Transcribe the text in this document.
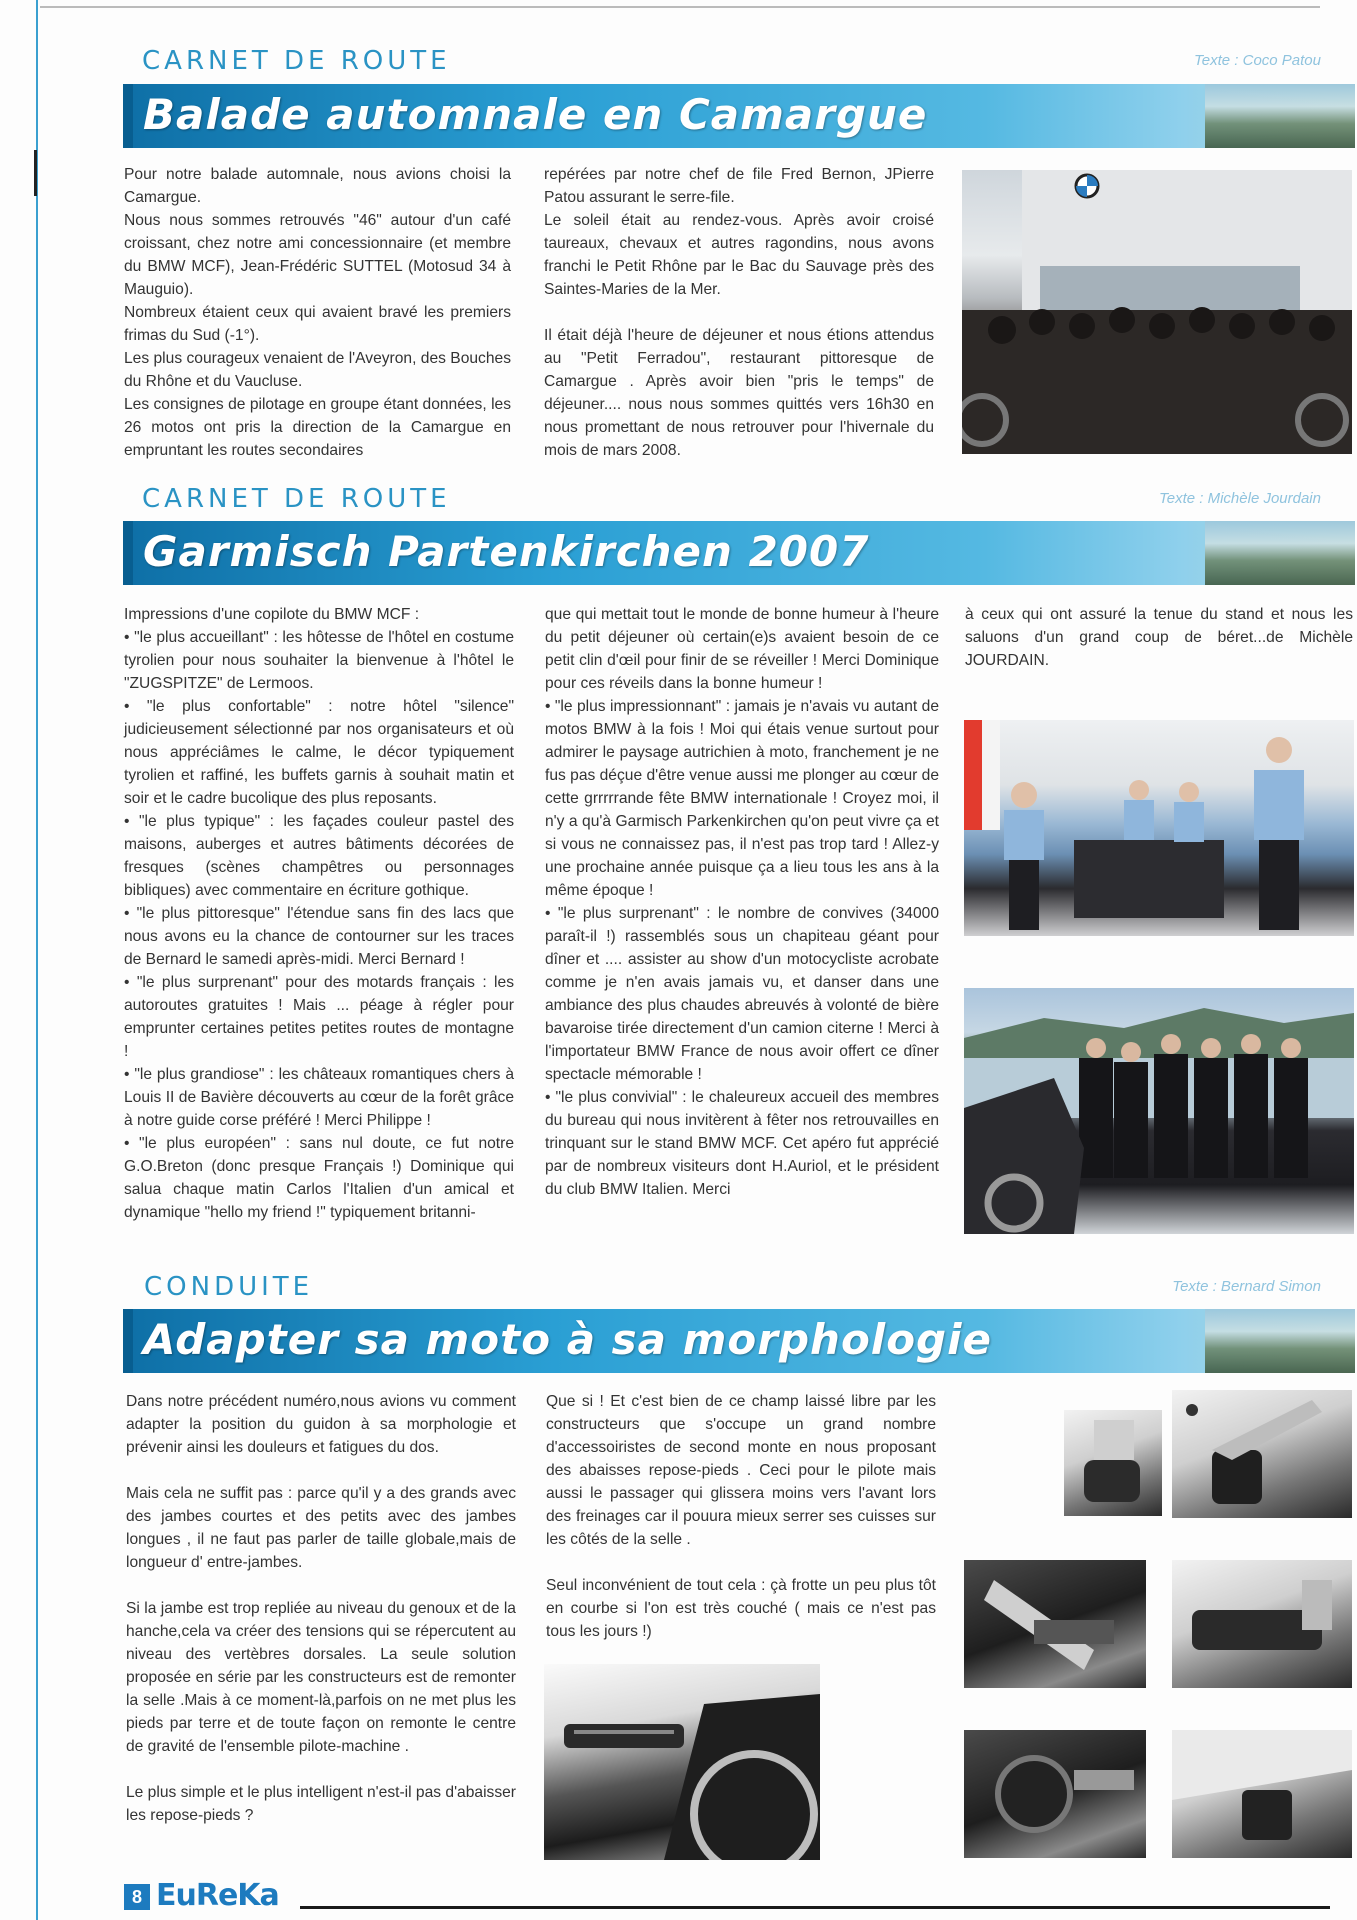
CARNET DE ROUTE	Texte : Coco Patou
Balade automnale en Camargue

Pour notre balade automnale, nous avions choisi la Camargue.

Nous nous sommes retrouvés "46" autour d'un café croissant, chez notre ami concessionnaire (et membre du BMW MCF), Jean-Frédéric SUTTEL (Motosud 34 à Mauguio).

Nombreux étaient ceux qui avaient bravé les premiers frimas du Sud (-1°).

Les plus courageux venaient de l'Aveyron, des Bouches du Rhône et du Vaucluse.

Les consignes de pilotage en groupe étant données, les 26 motos ont pris la direction de la Camargue en empruntant les routes secondaires

repérées par notre chef de file Fred Bernon, JPierre Patou assurant le serre-file.

Le soleil était au rendez-vous. Après avoir croisé taureaux, chevaux et autres ragondins, nous avons franchi le Petit Rhône par le Bac du Sauvage près des Saintes-Maries de la Mer.

Il était déjà l'heure de déjeuner et nous étions attendus au "Petit Ferradou", restaurant pittoresque de Camargue . Après avoir bien "pris le temps" de déjeuner.... nous nous sommes quittés vers 16h30 en nous promettant de nous retrouver pour l'hivernale du mois de mars 2008.

CARNET DE ROUTE	Texte : Michèle Jourdain
Garmisch Partenkirchen 2007

Impressions d'une copilote du BMW MCF :

• "le plus accueillant" : les hôtesse de l'hôtel en costume tyrolien pour nous souhaiter la bienvenue à l'hôtel le "ZUGSPITZE" de Lermoos.

• "le plus confortable" : notre hôtel "silence" judicieusement sélectionné par nos organisateurs et où nous appréciâmes le calme, le décor typiquement tyrolien et raffiné, les buffets garnis à souhait matin et soir et le cadre bucolique des plus reposants.

• "le plus typique" : les façades couleur pastel des maisons, auberges et autres bâtiments décorées de fresques (scènes champêtres ou personnages bibliques) avec commentaire en écriture gothique.

• "le plus pittoresque" l'étendue sans fin des lacs que nous avons eu la chance de contourner sur les traces de Bernard le samedi après-midi. Merci Bernard !

• "le plus surprenant" pour des motards français : les autoroutes gratuites ! Mais ... péage à régler pour emprunter certaines petites petites routes de montagne !

• "le plus grandiose" : les châteaux romantiques chers à Louis II de Bavière découverts au cœur de la forêt grâce à notre guide corse préféré ! Merci Philippe !

• "le plus européen" : sans nul doute, ce fut notre G.O.Breton (donc presque Français !) Dominique qui salua chaque matin Carlos l'Italien d'un amical et dynamique "hello my friend !" typiquement britanni-

que qui mettait tout le monde de bonne humeur à l'heure du petit déjeuner où certain(e)s avaient besoin de ce petit clin d'œil pour finir de se réveiller ! Merci Dominique pour ces réveils dans la bonne humeur !

• "le plus impressionnant" : jamais je n'avais vu autant de motos BMW à la fois ! Moi qui étais venue surtout pour admirer le paysage autrichien à moto, franchement je ne fus pas déçue d'être venue aussi me plonger au cœur de cette grrrrrande fête BMW internationale ! Croyez moi, il n'y a qu'à Garmisch Parkenkirchen qu'on peut vivre ça et si vous ne connaissez pas, il n'est pas trop tard ! Allez-y une prochaine année puisque ça a lieu tous les ans à la même époque !

• "le plus surprenant" : le nombre de convives (34000 paraît-il !) rassemblés sous un chapiteau géant pour dîner et .... assister au show d'un motocycliste acrobate comme je n'en avais jamais vu, et danser dans une ambiance des plus chaudes abreuvés à volonté de bière bavaroise tirée directement d'un camion citerne ! Merci à l'importateur BMW France de nous avoir offert ce dîner spectacle mémorable !

• "le plus convivial" : le chaleureux accueil des membres du bureau qui nous invitèrent à fêter nos retrouvailles en trinquant sur le stand BMW MCF. Cet apéro fut apprécié par de nombreux visiteurs dont H.Auriol, et le président du club BMW Italien. Merci

à ceux qui ont assuré la tenue du stand et nous les saluons d'un grand coup de béret...de Michèle JOURDAIN.

CONDUITE	Texte : Bernard Simon
Adapter sa moto à sa morphologie

Dans notre précédent numéro,nous avions vu comment adapter la position du guidon à sa morphologie et prévenir ainsi les douleurs et fatigues du dos.

Mais cela ne suffit pas : parce qu'il y a des grands avec des jambes courtes et des petits avec des jambes longues , il ne faut pas parler de taille globale,mais de longueur d' entre-jambes.

Si la jambe est trop repliée au niveau du genoux et de la hanche,cela va créer des tensions qui se répercutent au niveau des vertèbres dorsales. La seule solution proposée en série par les constructeurs est de remonter la selle .Mais à ce moment-là,parfois on ne met plus les pieds par terre et de toute façon on remonte le centre de gravité de l'ensemble pilote-machine .

Le plus simple et le plus intelligent n'est-il pas d'abaisser les repose-pieds ?

Que si ! Et c'est bien de ce champ laissé libre par les constructeurs que s'occupe un grand nombre d'accessoiristes de second monte en nous proposant des abaisses repose-pieds . Ceci pour le pilote mais aussi le passager qui glissera moins vers l'avant lors des freinages car il pouura mieux serrer ses cuisses sur les côtés de la selle .

Seul inconvénient de tout cela : çà frotte un peu plus tôt en courbe si l'on est très couché ( mais ce n'est pas tous les jours !)

8 EuReKa
